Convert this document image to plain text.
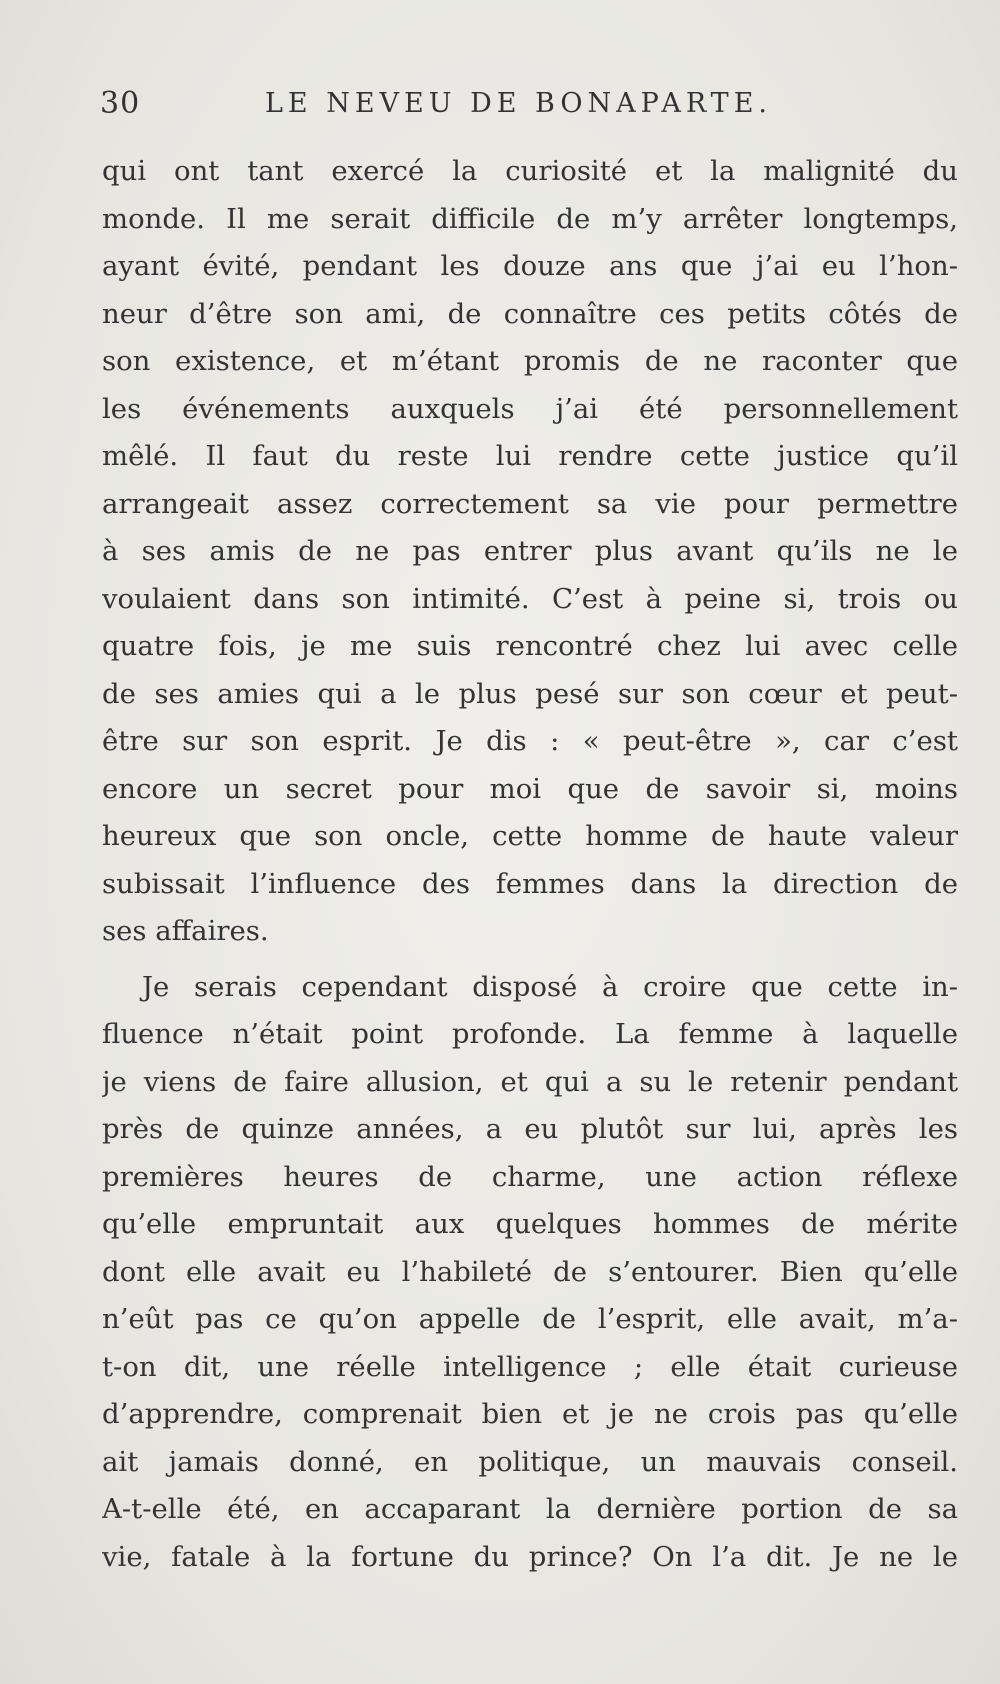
30	LE NEVEU DE BONAPARTE.
qui ont tant exercé la curiosité et la malignité du
monde. Il me serait difficile de m’y arrêter longtemps,
ayant évité, pendant les douze ans que j’ai eu l’hon-
neur d’être son ami, de connaître ces petits côtés de
son existence, et m’étant promis de ne raconter que
les événements auxquels j’ai été personnellement
mêlé. Il faut du reste lui rendre cette justice qu’il
arrangeait assez correctement sa vie pour permettre
à ses amis de ne pas entrer plus avant qu’ils ne le
voulaient dans son intimité. C’est à peine si, trois ou
quatre fois, je me suis rencontré chez lui avec celle
de ses amies qui a le plus pesé sur son cœur et peut-
être sur son esprit. Je dis : « peut-être », car c’est
encore un secret pour moi que de savoir si, moins
heureux que son oncle, cette homme de haute valeur
subissait l’influence des femmes dans la direction de
ses affaires.
Je serais cependant disposé à croire que cette in-
fluence n’était point profonde. La femme à laquelle
je viens de faire allusion, et qui a su le retenir pendant
près de quinze années, a eu plutôt sur lui, après les
premières heures de charme, une action réflexe
qu’elle empruntait aux quelques hommes de mérite
dont elle avait eu l’habileté de s’entourer. Bien qu’elle
n’eût pas ce qu’on appelle de l’esprit, elle avait, m’a-
t-on dit, une réelle intelligence ; elle était curieuse
d’apprendre, comprenait bien et je ne crois pas qu’elle
ait jamais donné, en politique, un mauvais conseil.
A-t-elle été, en accaparant la dernière portion de sa
vie, fatale à la fortune du prince? On l’a dit. Je ne le
